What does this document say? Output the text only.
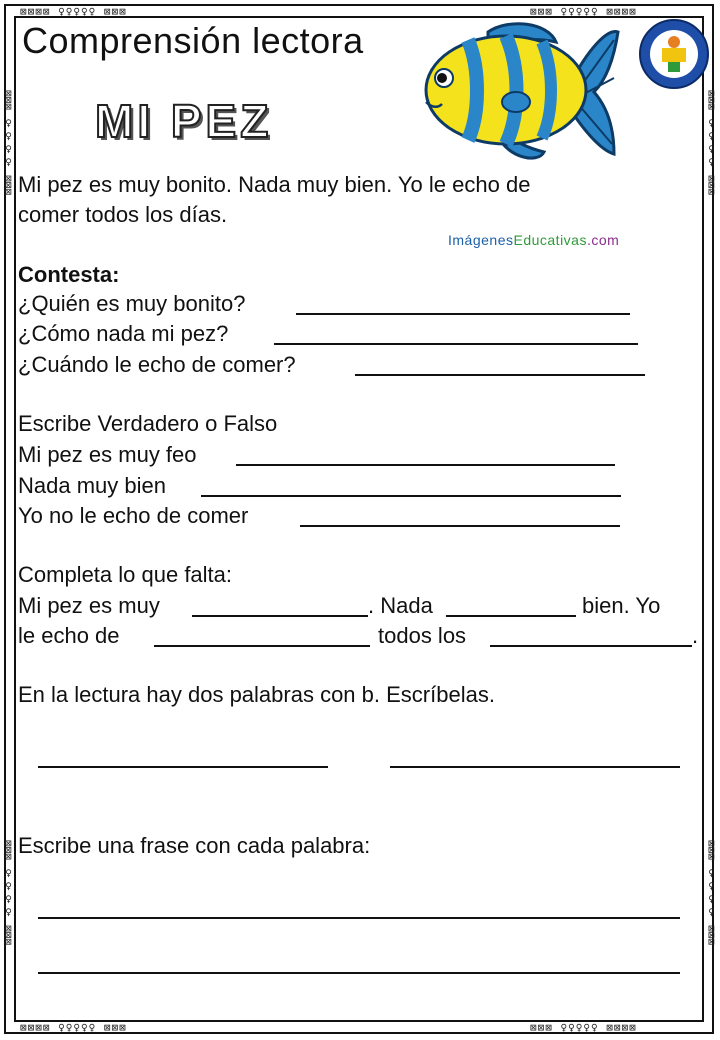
⊠⊠⊠⊠ ♀♀♀♀♀ ⊠⊠⊠	⊠⊠⊠ ♀♀♀♀♀ ⊠⊠⊠⊠
⊠⊠⊠⊠ ♀♀♀♀♀ ⊠⊠⊠	⊠⊠⊠ ♀♀♀♀♀ ⊠⊠⊠⊠
⊠⊠⊠ ♀♀♀♀ ⊠⊠⊠
⊠⊠⊠ ♀♀♀♀ ⊠⊠⊠
⊠⊠⊠ ♀♀♀♀ ⊠⊠⊠
⊠⊠⊠ ♀♀♀♀ ⊠⊠⊠
Comprensión lectora
MI PEZ
ImágenesEducativas.com
Mi pez es muy bonito. Nada muy bien. Yo le echo de
comer todos los días.
Contesta:
¿Quién es muy bonito?
¿Cómo nada mi pez?
¿Cuándo le echo de comer?
Escribe Verdadero o Falso
Mi pez es muy feo
Nada muy bien
Yo no le echo de comer
Completa lo que falta:
Mi pez es muy	. Nada	bien. Yo
le echo de	todos los	.
En la lectura hay dos palabras con b. Escríbelas.
Escribe una frase con cada palabra:
